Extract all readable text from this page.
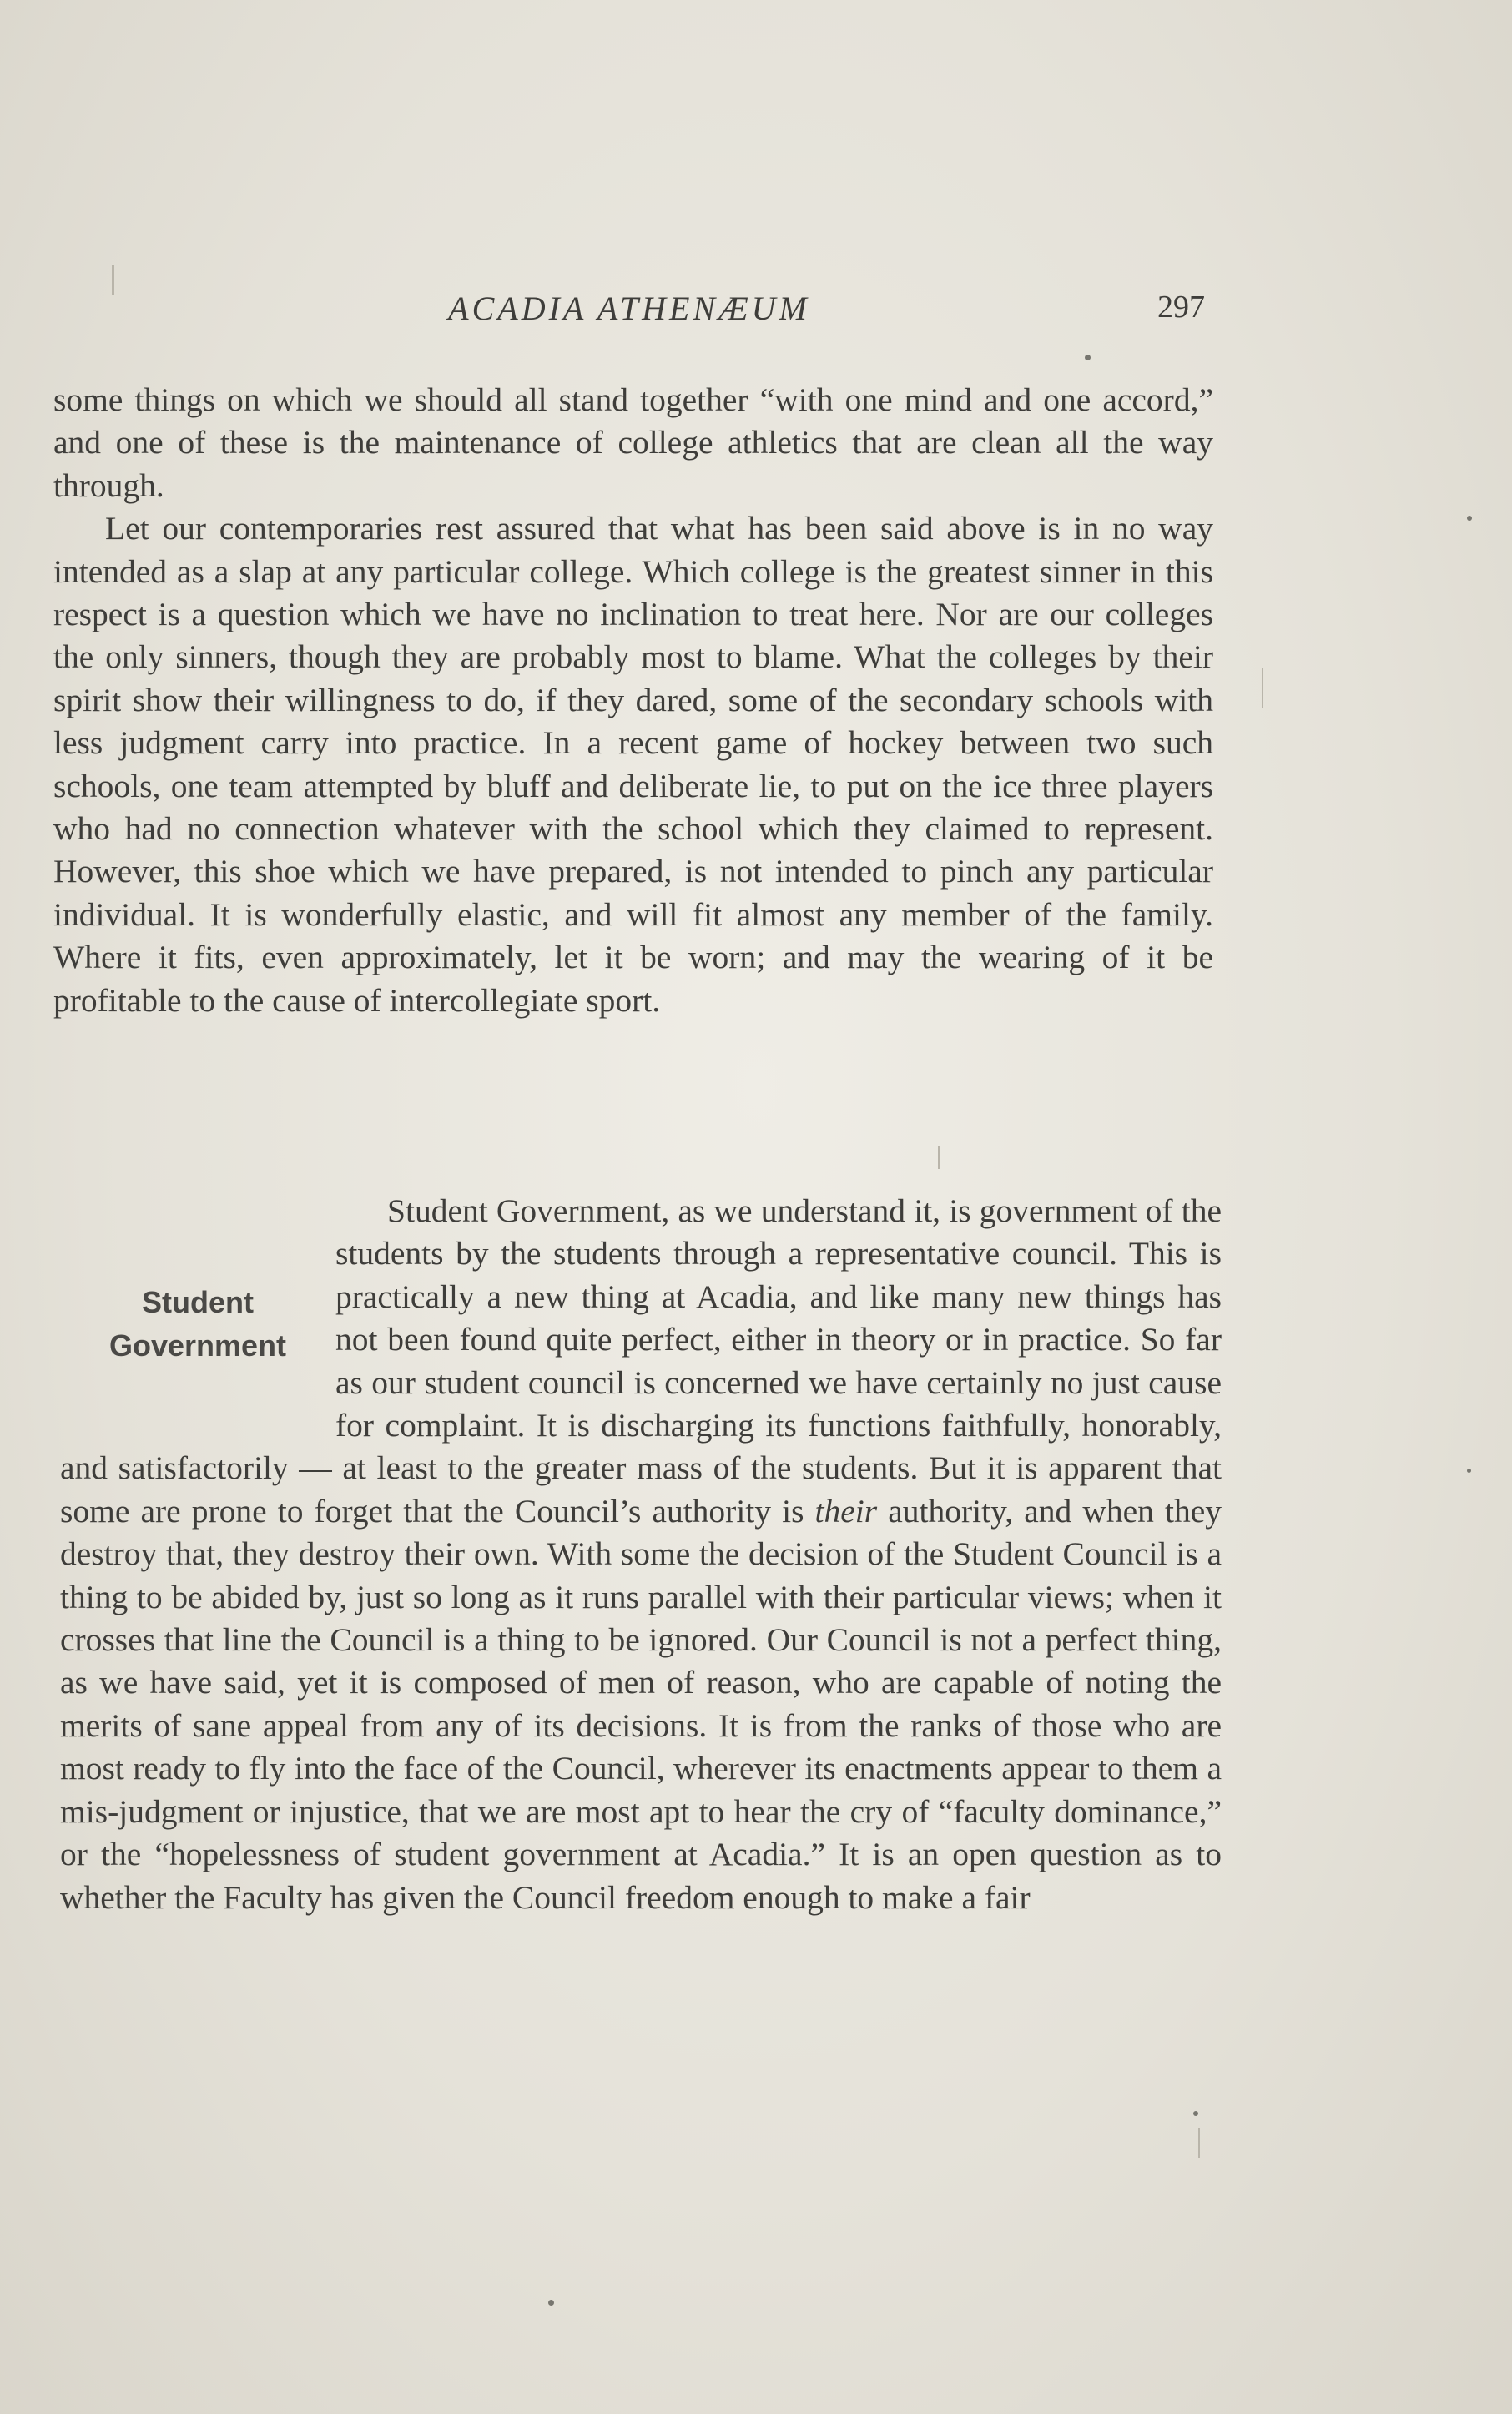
ACADIA ATHENÆUM	297

some things on which we should all stand together “with one mind and one accord,” and one of these is the maintenance of college athletics that are clean all the way through.

Let our contemporaries rest assured that what has been said above is in no way intended as a slap at any particular college. Which college is the greatest sinner in this respect is a question which we have no inclination to treat here. Nor are our colleges the only sinners, though they are probably most to blame. What the colleges by their spirit show their willingness to do, if they dared, some of the secondary schools with less judgment carry into practice. In a recent game of hockey between two such schools, one team attempted by bluff and deliberate lie, to put on the ice three players who had no connection whatever with the school which they claimed to represent. However, this shoe which we have prepared, is not intended to pinch any particular individual. It is wonderfully elastic, and will fit almost any member of the family. Where it fits, even approximately, let it be worn; and may the wearing of it be profitable to the cause of intercollegiate sport.

Student
Government

Student Government, as we understand it, is government of the students by the students through a representative council. This is practically a new thing at Acadia, and like many new things has not been found quite perfect, either in theory or in practice. So far as our student council is concerned we have certainly no just cause for complaint. It is discharging its functions faithfully, honorably, and satisfactorily — at least to the greater mass of the students. But it is apparent that some are prone to forget that the Council’s authority is their authority, and when they destroy that, they destroy their own. With some the decision of the Student Council is a thing to be abided by, just so long as it runs parallel with their particular views; when it crosses that line the Council is a thing to be ignored. Our Council is not a perfect thing, as we have said, yet it is composed of men of reason, who are capable of noting the merits of sane appeal from any of its decisions. It is from the ranks of those who are most ready to fly into the face of the Council, wherever its enactments appear to them a mis-judgment or injustice, that we are most apt to hear the cry of “faculty dominance,” or the “hopelessness of student government at Acadia.” It is an open question as to whether the Faculty has given the Council freedom enough to make a fair
